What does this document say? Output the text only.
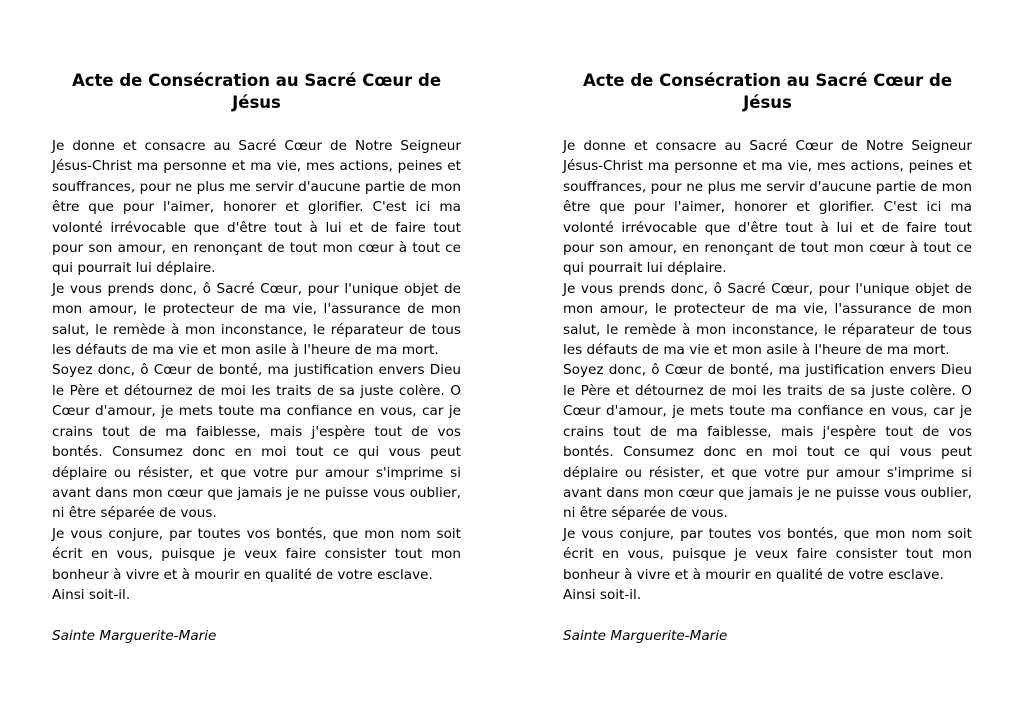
Acte de Consécration au Sacré Cœur de Jésus

Je donne et consacre au Sacré Cœur de Notre Seigneur Jésus-Christ ma personne et ma vie, mes actions, peines et souffrances, pour ne plus me servir d'aucune partie de mon être que pour l'aimer, honorer et glorifier. C'est ici ma volonté irrévocable que d'être tout à lui et de faire tout pour son amour, en renonçant de tout mon cœur à tout ce qui pourrait lui déplaire.

Je vous prends donc, ô Sacré Cœur, pour l'unique objet de mon amour, le protecteur de ma vie, l'assurance de mon salut, le remède à mon inconstance, le réparateur de tous les défauts de ma vie et mon asile à l'heure de ma mort.

Soyez donc, ô Cœur de bonté, ma justification envers Dieu le Père et détournez de moi les traits de sa juste colère. O Cœur d'amour, je mets toute ma confiance en vous, car je crains tout de ma faiblesse, mais j'espère tout de vos bontés. Consumez donc en moi tout ce qui vous peut déplaire ou résister, et que votre pur amour s'imprime si avant dans mon cœur que jamais je ne puisse vous oublier, ni être séparée de vous.

Je vous conjure, par toutes vos bontés, que mon nom soit écrit en vous, puisque je veux faire consister tout mon bonheur à vivre et à mourir en qualité de votre esclave.

Ainsi soit-il.

Sainte Marguerite-Marie

Acte de Consécration au Sacré Cœur de Jésus

Je donne et consacre au Sacré Cœur de Notre Seigneur Jésus-Christ ma personne et ma vie, mes actions, peines et souffrances, pour ne plus me servir d'aucune partie de mon être que pour l'aimer, honorer et glorifier. C'est ici ma volonté irrévocable que d'être tout à lui et de faire tout pour son amour, en renonçant de tout mon cœur à tout ce qui pourrait lui déplaire.

Je vous prends donc, ô Sacré Cœur, pour l'unique objet de mon amour, le protecteur de ma vie, l'assurance de mon salut, le remède à mon inconstance, le réparateur de tous les défauts de ma vie et mon asile à l'heure de ma mort.

Soyez donc, ô Cœur de bonté, ma justification envers Dieu le Père et détournez de moi les traits de sa juste colère. O Cœur d'amour, je mets toute ma confiance en vous, car je crains tout de ma faiblesse, mais j'espère tout de vos bontés. Consumez donc en moi tout ce qui vous peut déplaire ou résister, et que votre pur amour s'imprime si avant dans mon cœur que jamais je ne puisse vous oublier, ni être séparée de vous.

Je vous conjure, par toutes vos bontés, que mon nom soit écrit en vous, puisque je veux faire consister tout mon bonheur à vivre et à mourir en qualité de votre esclave.

Ainsi soit-il.

Sainte Marguerite-Marie
